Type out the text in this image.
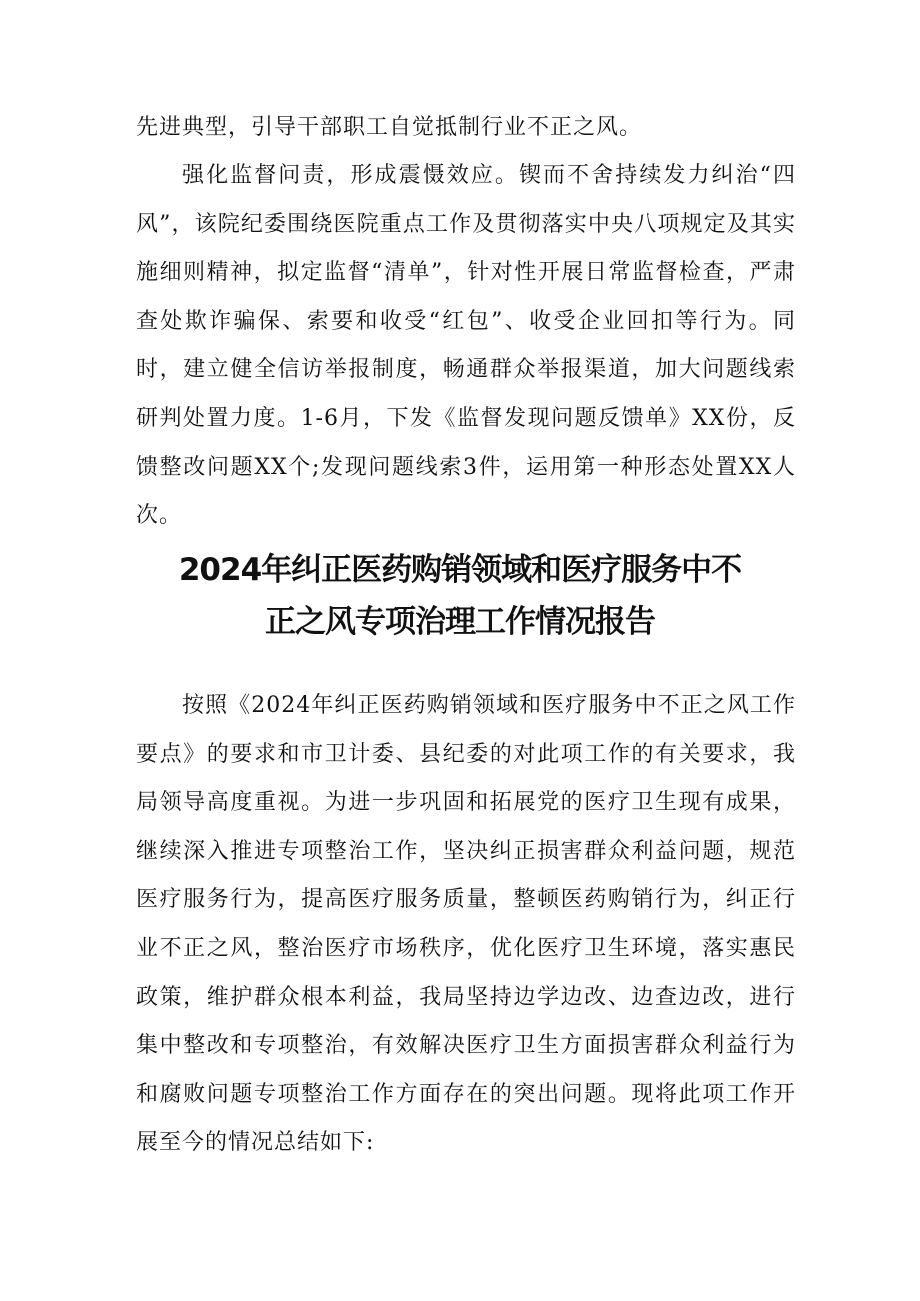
先进典型，引导干部职工自觉抵制行业不正之风。

强化监督问责，形成震慑效应。锲而不舍持续发力纠治“四风”，该院纪委围绕医院重点工作及贯彻落实中央八项规定及其实施细则精神，拟定监督“清单”，针对性开展日常监督检查，严肃查处欺诈骗保、索要和收受“红包”、收受企业回扣等行为。同时，建立健全信访举报制度，畅通群众举报渠道，加大问题线索研判处置力度。1-6月，下发《监督发现问题反馈单》XX份，反馈整改问题XX个;发现问题线索3件，运用第一种形态处置XX人次。

2024年纠正医药购销领域和医疗服务中不
正之风专项治理工作情况报告

按照《2024年纠正医药购销领域和医疗服务中不正之风工作要点》的要求和市卫计委、县纪委的对此项工作的有关要求，我局领导高度重视。为进一步巩固和拓展党的医疗卫生现有成果，继续深入推进专项整治工作，坚决纠正损害群众利益问题，规范医疗服务行为，提高医疗服务质量，整顿医药购销行为，纠正行业不正之风，整治医疗市场秩序，优化医疗卫生环境，落实惠民政策，维护群众根本利益，我局坚持边学边改、边查边改，进行集中整改和专项整治，有效解决医疗卫生方面损害群众利益行为和腐败问题专项整治工作方面存在的突出问题。现将此项工作开展至今的情况总结如下:
